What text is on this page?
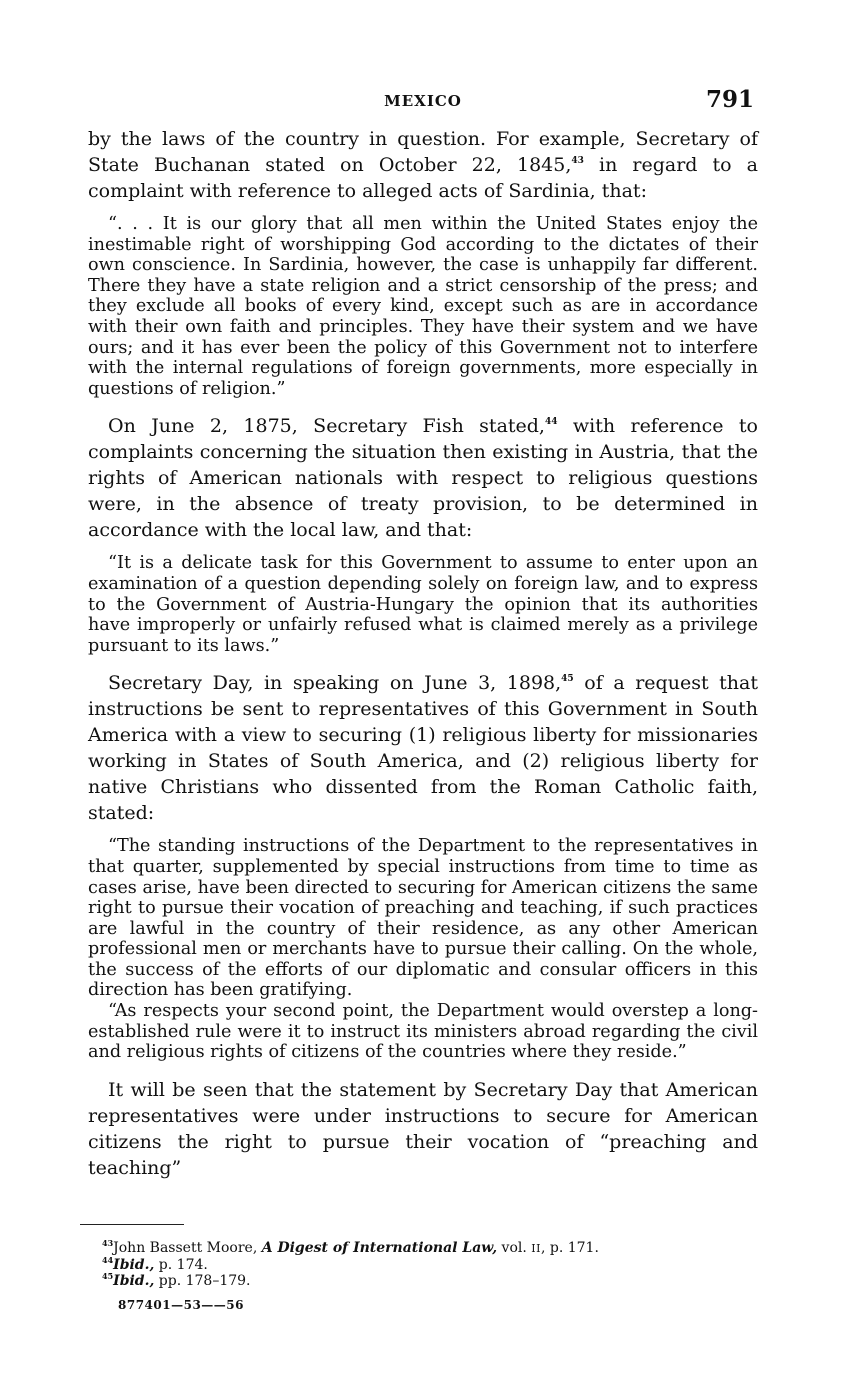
MEXICO	791

by the laws of the country in question. For example, Secretary of State Buchanan stated on October 22, 1845,43 in regard to a complaint with reference to alleged acts of Sardinia, that:

“. . . It is our glory that all men within the United States enjoy the inestimable right of worshipping God according to the dictates of their own conscience. In Sardinia, however, the case is unhappily far different. There they have a state religion and a strict censorship of the press; and they exclude all books of every kind, except such as are in accordance with their own faith and principles. They have their system and we have ours; and it has ever been the policy of this Government not to interfere with the internal regulations of foreign governments, more especially in questions of religion.”

On June 2, 1875, Secretary Fish stated,$^{44}$ with reference to complaints concerning the situation then existing in Austria, that the rights of American nationals with respect to religious questions were, in the absence of treaty provision, to be determined in accordance with the local law, and that:

“It is a delicate task for this Government to assume to enter upon an examination of a question depending solely on foreign law, and to express to the Government of Austria-Hungary the opinion that its authorities have improperly or unfairly refused what is claimed merely as a privilege pursuant to its laws.”

Secretary Day, in speaking on June 3, 1898,45 of a request that instructions be sent to representatives of this Government in South America with a view to securing (1) religious liberty for missionaries working in States of South America, and (2) religious liberty for native Christians who dissented from the Roman Catholic faith, stated:

“The standing instructions of the Department to the representatives in that quarter, supplemented by special instructions from time to time as cases arise, have been directed to securing for American citizens the same right to pursue their vocation of preaching and teaching, if such practices are lawful in the country of their residence, as any other American professional men or merchants have to pursue their calling. On the whole, the success of the efforts of our diplomatic and consular officers in this direction has been gratifying.

“As respects your second point, the Department would overstep a long-established rule were it to instruct its ministers abroad regarding the civil and religious rights of citizens of the countries where they reside.”

It will be seen that the statement by Secretary Day that American representatives were under instructions to secure for American citizens the right to pursue their vocation of “preaching and teaching”

$^{43}$John Bassett Moore, A Digest of International Law, vol. II, p. 171.

$^{44}$Ibid., p. 174.

$^{45}$Ibid., pp. 178–179.

877401—53——56
